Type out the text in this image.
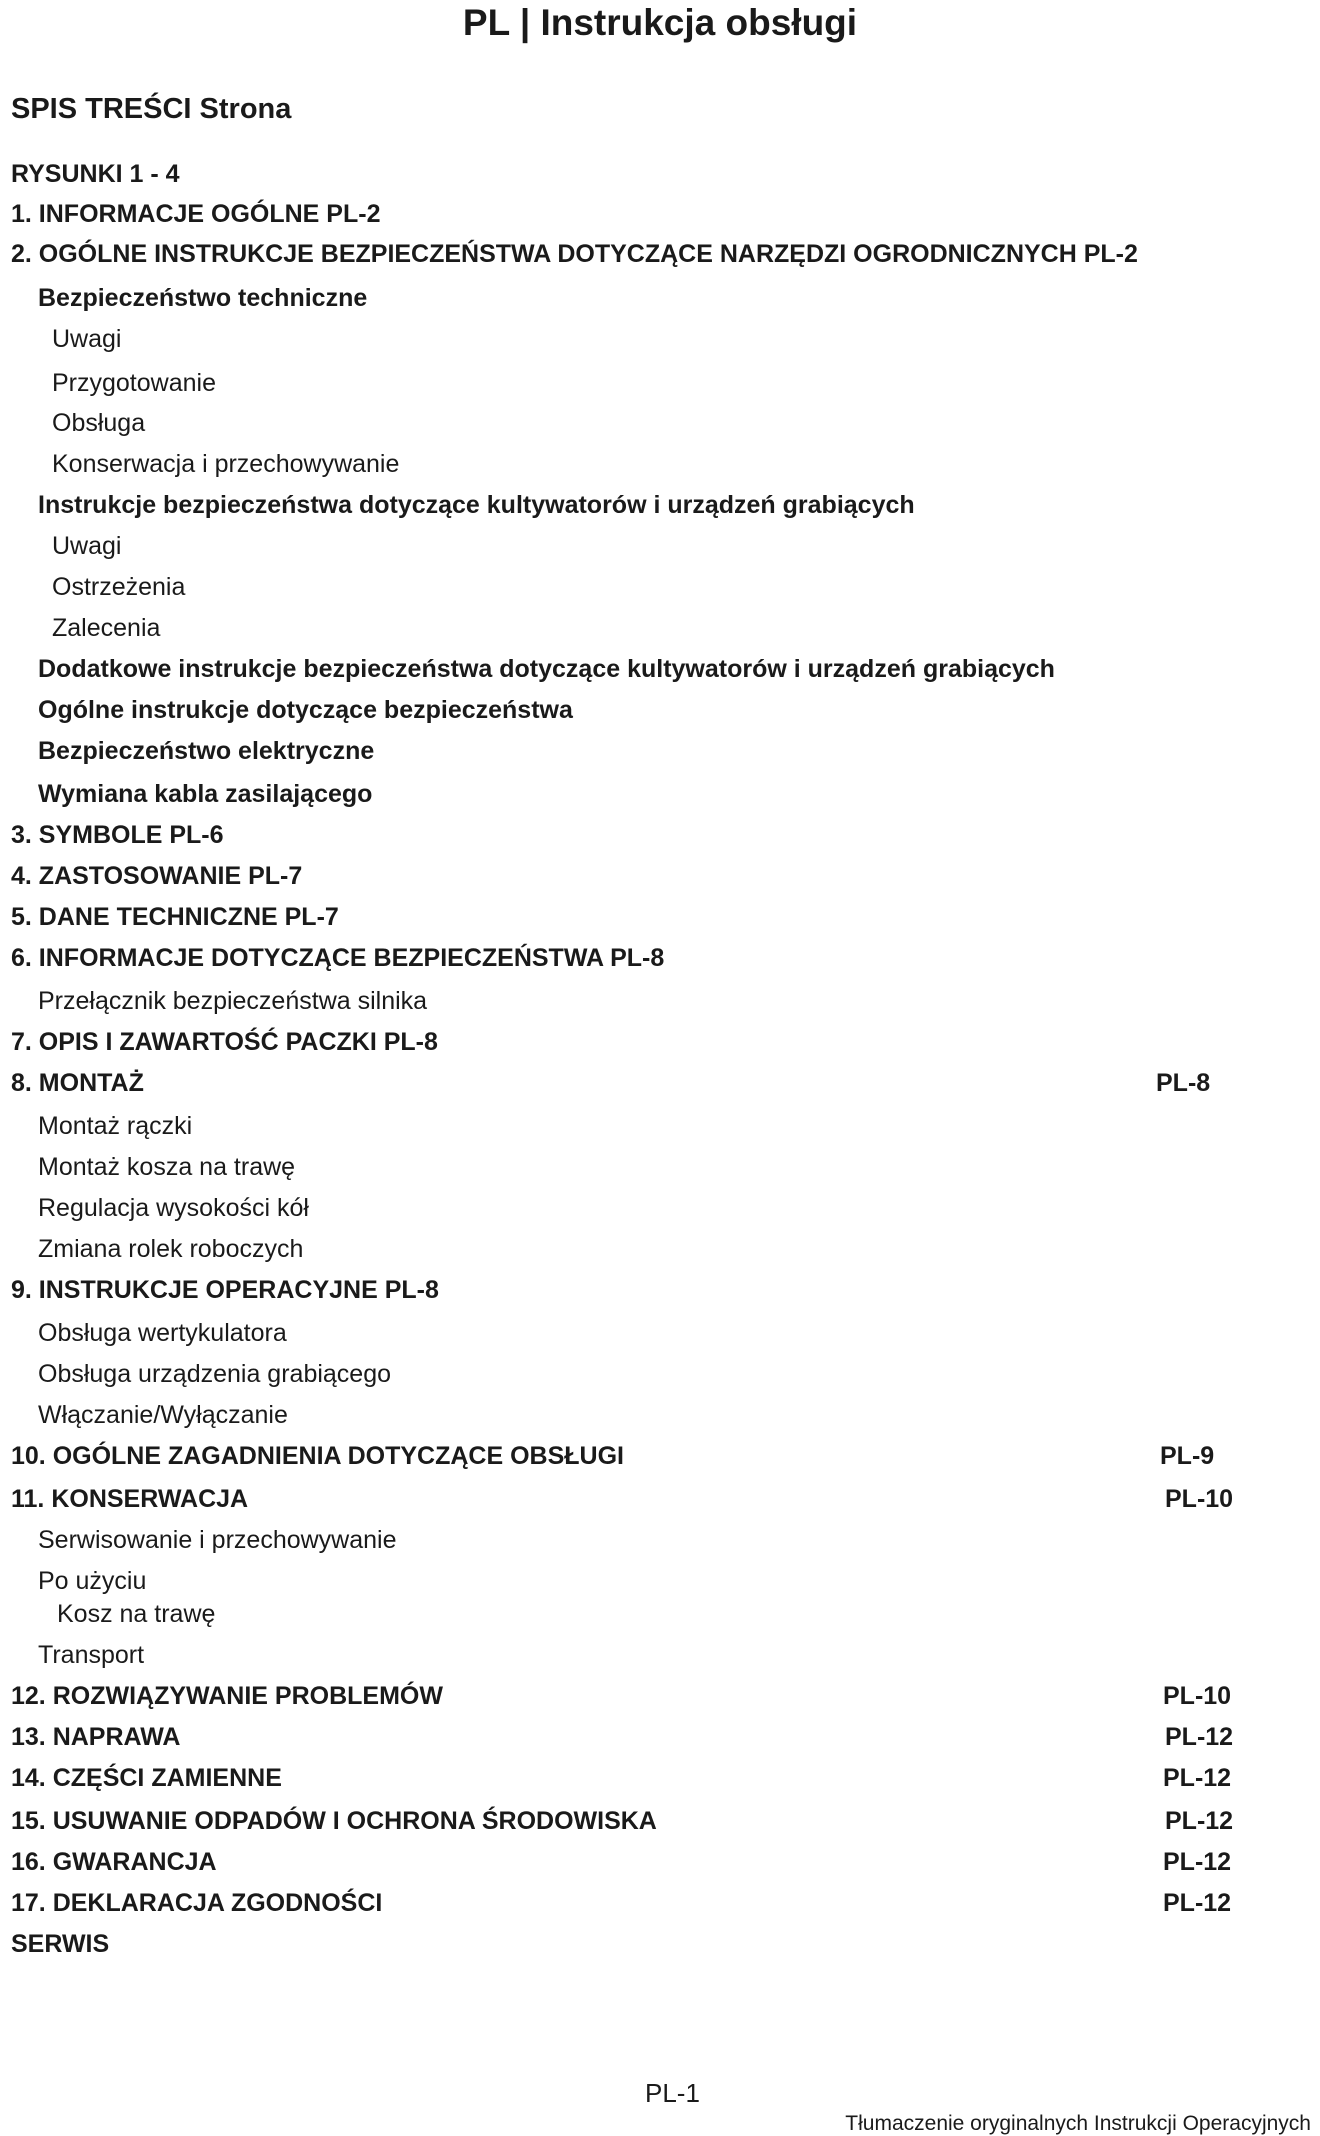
PL | Instrukcja obsługi
SPIS TREŚCI Strona
RYSUNKI 1 - 4
1. INFORMACJE OGÓLNE PL-2
2. OGÓLNE INSTRUKCJE BEZPIECZEŃSTWA DOTYCZĄCE NARZĘDZI OGRODNICZNYCH PL-2
Bezpieczeństwo techniczne
Uwagi
Przygotowanie
Obsługa
Konserwacja i przechowywanie
Instrukcje bezpieczeństwa dotyczące kultywatorów i urządzeń grabiących
Uwagi
Ostrzeżenia
Zalecenia
Dodatkowe instrukcje bezpieczeństwa dotyczące kultywatorów i urządzeń grabiących
Ogólne instrukcje dotyczące bezpieczeństwa
Bezpieczeństwo elektryczne
Wymiana kabla zasilającego
3. SYMBOLE PL-6
4. ZASTOSOWANIE PL-7
5. DANE TECHNICZNE PL-7
6. INFORMACJE DOTYCZĄCE BEZPIECZEŃSTWA PL-8
Przełącznik bezpieczeństwa silnika
7. OPIS I ZAWARTOŚĆ PACZKI PL-8
8. MONTAŻ	PL-8
Montaż rączki
Montaż kosza na trawę
Regulacja wysokości kół
Zmiana rolek roboczych
9. INSTRUKCJE OPERACYJNE PL-8
Obsługa wertykulatora
Obsługa urządzenia grabiącego
Włączanie/Wyłączanie
10. OGÓLNE ZAGADNIENIA DOTYCZĄCE OBSŁUGI	PL-9
11. KONSERWACJA	PL-10
Serwisowanie i przechowywanie
Po użyciu
Kosz na trawę
Transport
12. ROZWIĄZYWANIE PROBLEMÓW	PL-10
13. NAPRAWA	PL-12
14. CZĘŚCI ZAMIENNE	PL-12
15. USUWANIE ODPADÓW I OCHRONA ŚRODOWISKA	PL-12
16. GWARANCJA	PL-12
17. DEKLARACJA ZGODNOŚCI	PL-12
SERWIS
PL-1
Tłumaczenie oryginalnych Instrukcji Operacyjnych
